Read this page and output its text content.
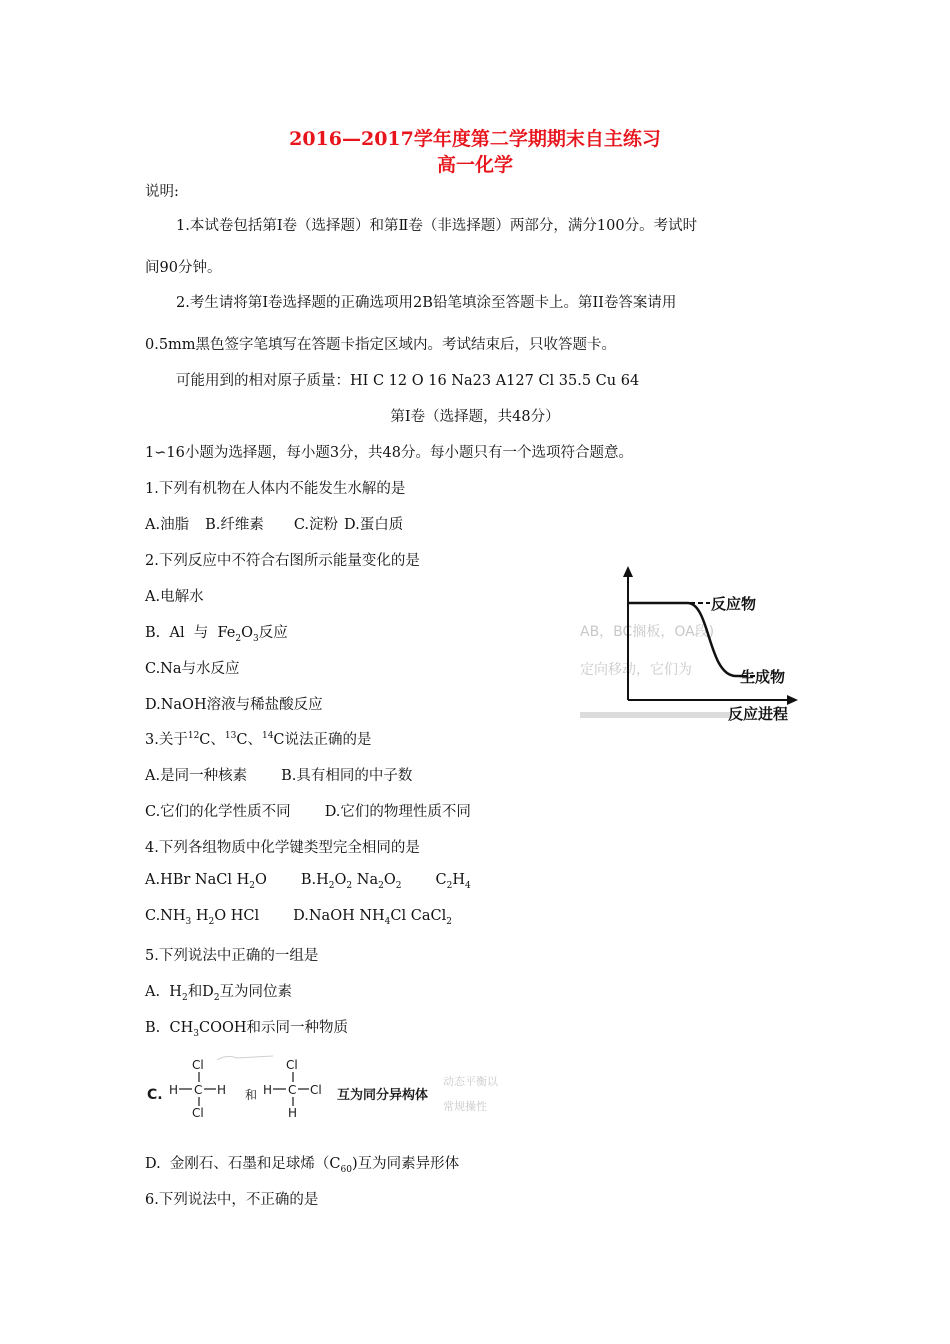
2016—2017学年度第二学期期末自主练习
高一化学
说明:
1.本试卷包括第Ⅰ卷（选择题）和第Ⅱ卷（非选择题）两部分，满分100分。考试时
间90分钟。
2.考生请将第Ⅰ卷选择题的正确选项用2B铅笔填涂至答题卡上。第II卷答案请用
0.5mm黑色签字笔填写在答题卡指定区域内。考试结束后，只收答题卡。
可能用到的相对原子质量：HI C 12 O 16 Na23 A127 Cl 35.5 Cu 64
第Ⅰ卷（选择题，共48分）
1∽16小题为选择题，每小题3分，共48分。每小题只有一个选项符合题意。
1.下列有机物在人体内不能发生水解的是
A.油脂 B.纤维素 C.淀粉 D.蛋白质
2.下列反应中不符合右图所示能量变化的是
A.电解水
B.  Al  与  $Fe_2O_3$反应
C.Na与水反应
D.NaOH溶液与稀盐酸反应
AB，BC搁板，OA段)
定向移动，它们为
反应物
生成物
反应进程
3.关于$^{12}$C、$^{13}$C、$^{14}$C说法正确的是
A.是同一种核素 B.具有相同的中子数
C.它们的化学性质不同 D.它们的物理性质不同
4.下列各组物质中化学键类型完全相同的是
A.HBr NaCl $H_2O$ $B.H_2O_2$ $Na_2O_2$ $C_2H_4$
$C.NH_3$ $H_2O$ HCl D.NaOH $NH_4Cl$ CaCl$_2$
5.下列说法中正确的一组是
A.  $H_2$和$D_2$互为同位素
B.  $CH_3COOH$和示同一种物质
C.
Cl
H C H
Cl
和
Cl
H C Cl
H
互为同分异构体
动态平衡以
常规操性
D.  金刚石、石墨和足球烯$(C_{60})$互为同素异形体
6.下列说法中，不正确的是
